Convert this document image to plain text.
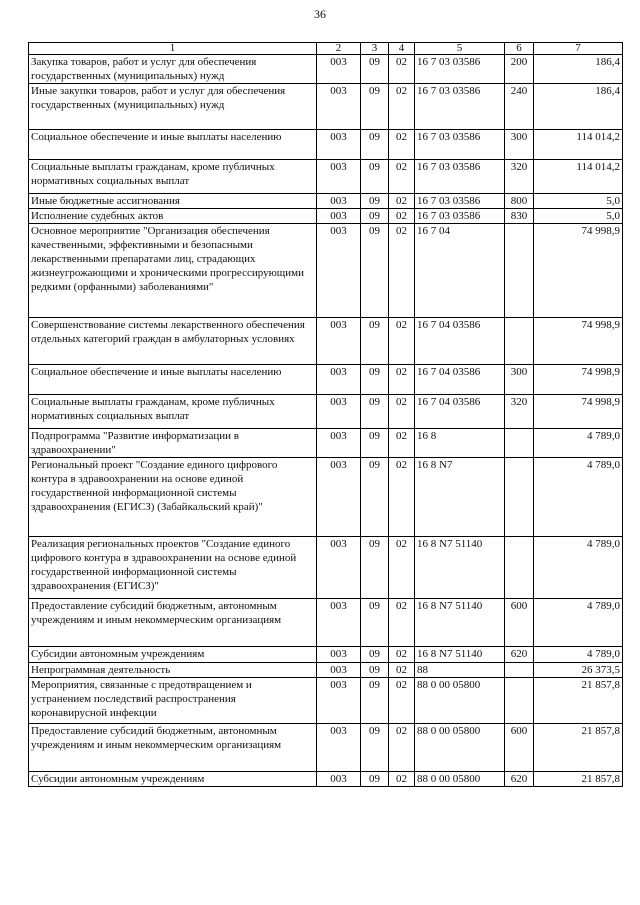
36
1	2	3	4	5	6	7
Закупка товаров, работ и услуг для обеспечения государственных (муниципальных) нужд	003	09	02	16 7 03 03586	200	186,4
Иные закупки товаров, работ и услуг для обеспечения государственных (муниципальных) нужд	003	09	02	16 7 03 03586	240	186,4
Социальное обеспечение и иные выплаты населению	003	09	02	16 7 03 03586	300	114 014,2
Социальные выплаты гражданам, кроме публичных нормативных социальных выплат	003	09	02	16 7 03 03586	320	114 014,2
Иные бюджетные ассигнования	003	09	02	16 7 03 03586	800	5,0
Исполнение судебных актов	003	09	02	16 7 03 03586	830	5,0
Основное мероприятие "Организация обеспечения качественными, эффективными и безопасными лекарственными препаратами лиц, страдающих жизнеугрожающими и хроническими прогрессирующими редкими (орфанными) заболеваниями"	003	09	02	16 7 04		74 998,9
Совершенствование системы лекарственного обеспечения отдельных категорий граждан в амбулаторных условиях	003	09	02	16 7 04 03586		74 998,9
Социальное обеспечение и иные выплаты населению	003	09	02	16 7 04 03586	300	74 998,9
Социальные выплаты гражданам, кроме публичных нормативных социальных выплат	003	09	02	16 7 04 03586	320	74 998,9
Подпрограмма "Развитие информатизации в здравоохранении"	003	09	02	16 8		4 789,0
Региональный проект "Создание единого цифрового контура в здравоохранении на основе единой государственной информационной системы здравоохранения (ЕГИСЗ) (Забайкальский край)"	003	09	02	16 8 N7		4 789,0
Реализация региональных проектов "Создание единого цифрового контура в здравоохранении на основе единой государственной информационной системы здравоохранения (ЕГИСЗ)"	003	09	02	16 8 N7 51140		4 789,0
Предоставление субсидий бюджетным, автономным учреждениям и иным некоммерческим организациям	003	09	02	16 8 N7 51140	600	4 789,0
Субсидии автономным учреждениям	003	09	02	16 8 N7 51140	620	4 789,0
Непрограммная деятельность	003	09	02	88		26 373,5
Мероприятия, связанные с предотвращением и устранением последствий распространения коронавирусной инфекции	003	09	02	88 0 00 05800		21 857,8
Предоставление субсидий бюджетным, автономным учреждениям и иным некоммерческим организациям	003	09	02	88 0 00 05800	600	21 857,8
Субсидии автономным учреждениям	003	09	02	88 0 00 05800	620	21 857,8
